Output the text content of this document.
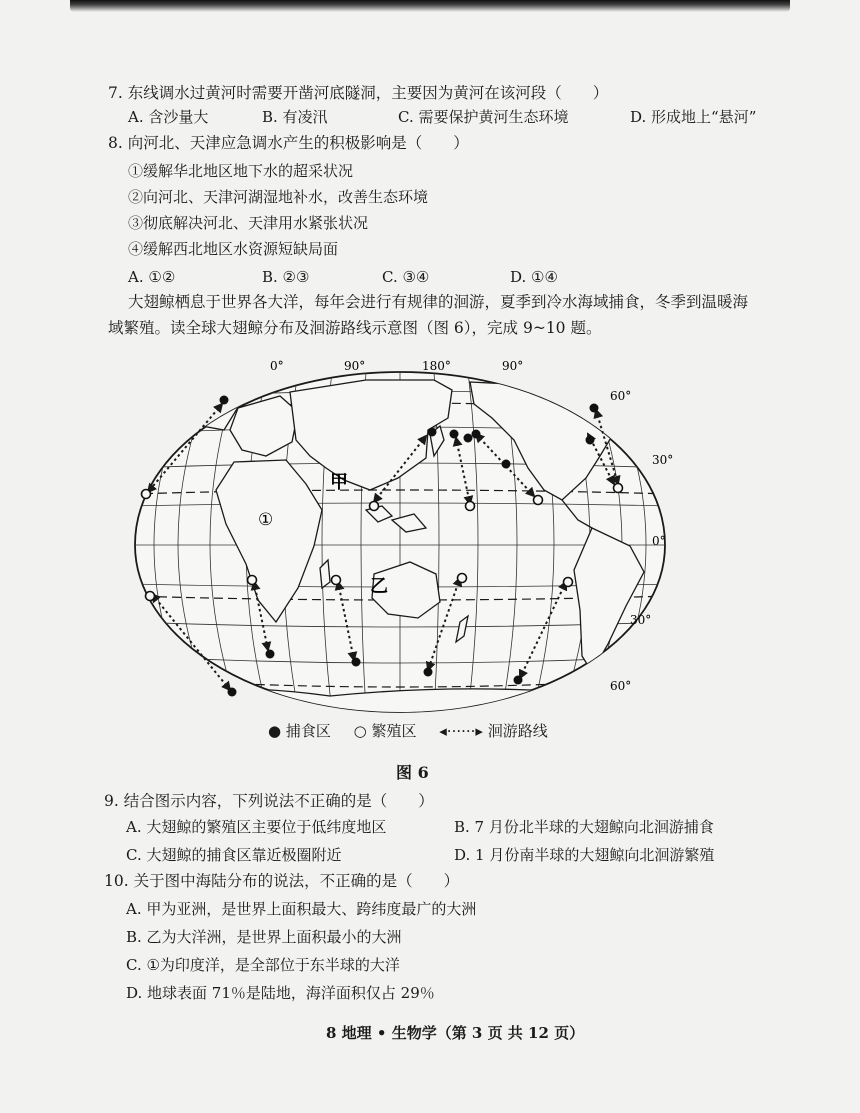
7. 东线调水过黄河时需要开凿河底隧洞，主要因为黄河在该河段（　　）
A. 含沙量大	B. 有凌汛	C. 需要保护黄河生态环境	D. 形成地上“悬河”
8. 向河北、天津应急调水产生的积极影响是（　　）
①缓解华北地区地下水的超采状况
②向河北、天津河湖湿地补水，改善生态环境
③彻底解决河北、天津用水紧张状况
④缓解西北地区水资源短缺局面
A. ①②	B. ②③	C. ③④	D. ①④
大翅鲸栖息于世界各大洋，每年会进行有规律的洄游，夏季到冷水海域捕食，冬季到温暖海
域繁殖。读全球大翅鲸分布及洄游路线示意图（图 6），完成 9~10 题。
0°	90°	180°	90°
60°
30°
0°
30°
60°
甲
乙
①
● 捕食区 ○ 繁殖区 ◂······▸ 洄游路线
图 6
9. 结合图示内容，下列说法不正确的是（　　）
A. 大翅鲸的繁殖区主要位于低纬度地区	B. 7 月份北半球的大翅鲸向北洄游捕食
C. 大翅鲸的捕食区靠近极圈附近	D. 1 月份南半球的大翅鲸向北洄游繁殖
10. 关于图中海陆分布的说法，不正确的是（　　）
A. 甲为亚洲，是世界上面积最大、跨纬度最广的大洲
B. 乙为大洋洲，是世界上面积最小的大洲
C. ①为印度洋，是全部位于东半球的大洋
D. 地球表面 71％是陆地，海洋面积仅占 29％
8 地理 • 生物学（第 3 页 共 12 页）
